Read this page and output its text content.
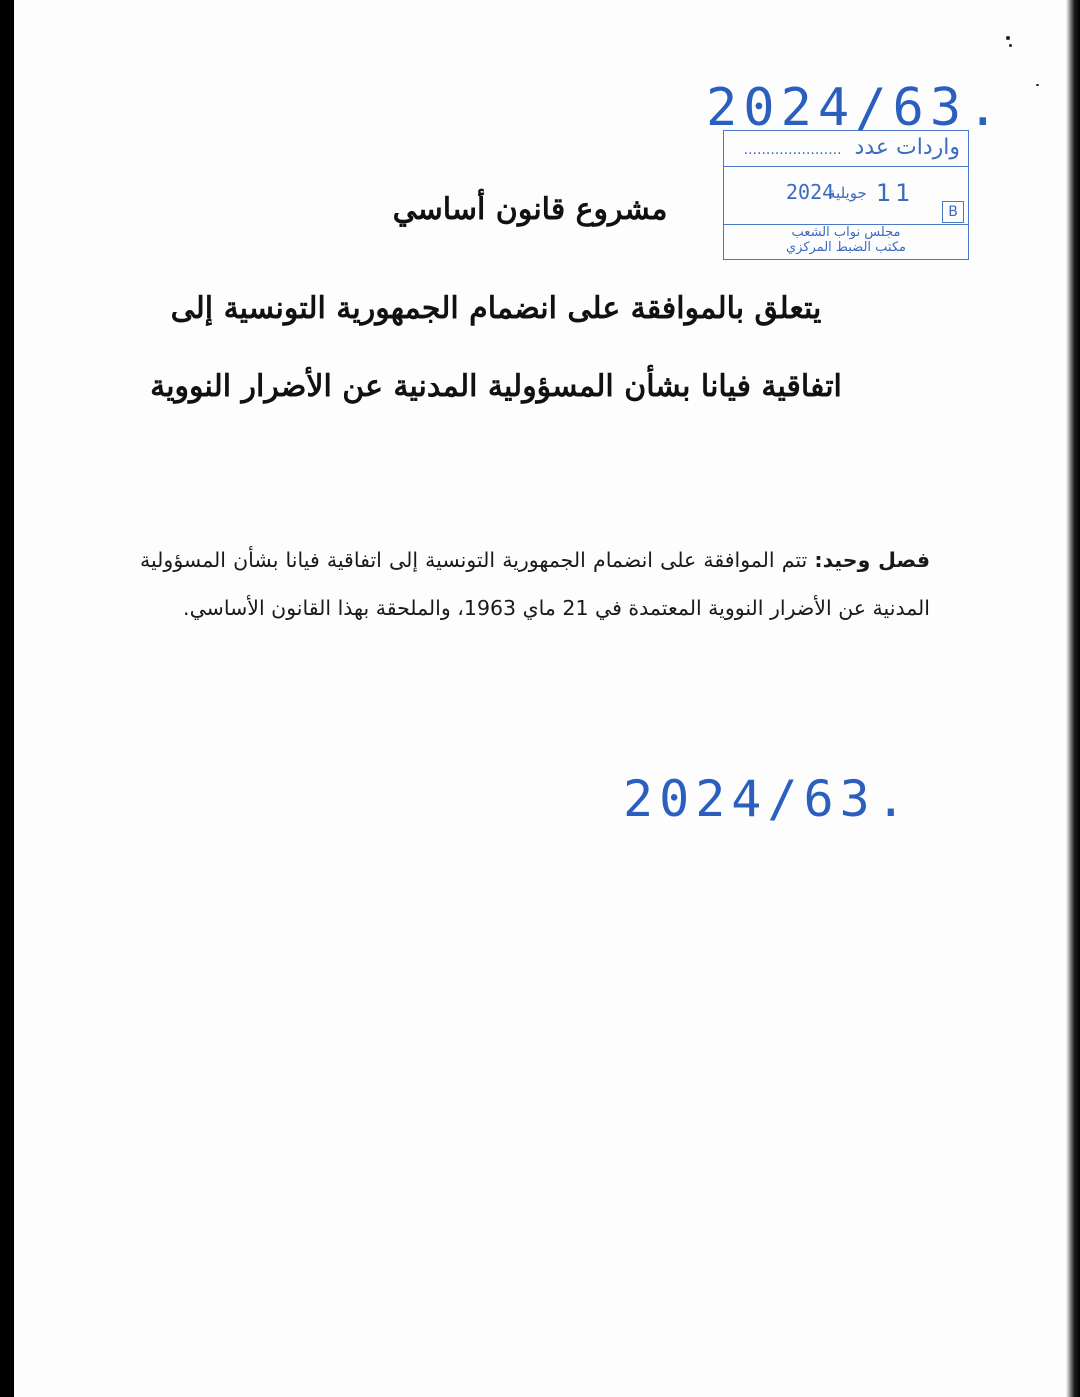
2024/63.
واردات عدد ......................
11
جويلية
2024
B
مجلس نواب الشعب
مكتب الضبط المركزي
مشروع قانون أساسي
يتعلق بالموافقة على انضمام الجمهورية التونسية إلى اتفاقية فيانا بشأن المسؤولية المدنية عن الأضرار النووية
فصل وحيد: تتم الموافقة على انضمام الجمهورية التونسية إلى اتفاقية فيانا بشأن المسؤولية المدنية عن الأضرار النووية المعتمدة في 21 ماي 1963، والملحقة بهذا القانون الأساسي.
2024/63.
